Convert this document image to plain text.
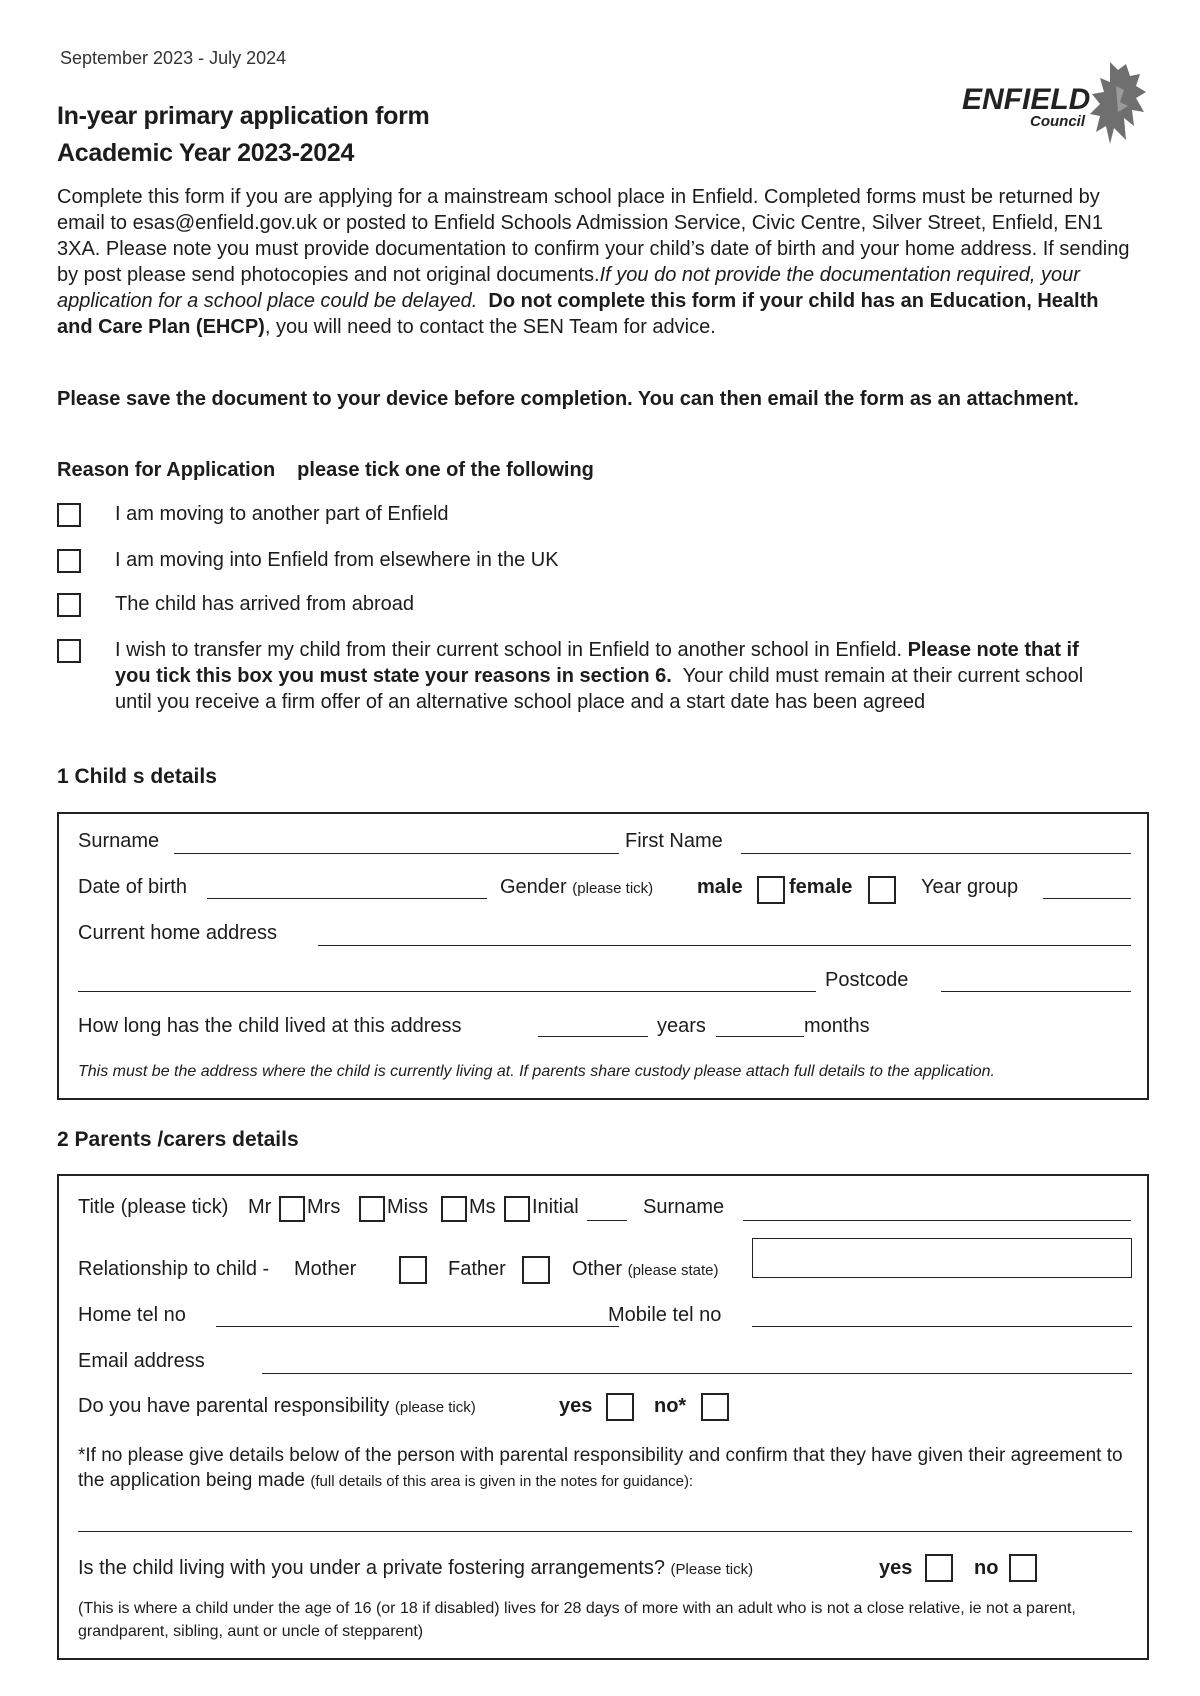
September 2023 - July 2024
In-year primary application form
Academic Year 2023-2024
ENFIELD
Council
Complete this form if you are applying for a mainstream school place in Enfield. Completed forms must be returned by email to esas@enfield.gov.uk or posted to Enfield Schools Admission Service, Civic Centre, Silver Street, Enfield, EN1 3XA. Please note you must provide documentation to confirm your child’s date of birth and your home address. If sending by post please send photocopies and not original documents.If you do not provide the documentation required, your application for a school place could be delayed. Do not complete this form if your child has an Education, Health and Care Plan (EHCP), you will need to contact the SEN Team for advice.
Please save the document to your device before completion. You can then email the form as an attachment.
Reason for Application please tick one of the following
I am moving to another part of Enfield
I am moving into Enfield from elsewhere in the UK
The child has arrived from abroad
I wish to transfer my child from their current school in Enfield to another school in Enfield. Please note that if you tick this box you must state your reasons in section 6. Your child must remain at their current school until you receive a firm offer of an alternative school place and a start date has been agreed
1 Child s details
Surname	First Name
Date of birth	Gender (please tick) male female	Year group
Current home address
Postcode
How long has the child lived at this address	years	months
This must be the address where the child is currently living at. If parents share custody please attach full details to the application.
2 Parents /carers details
Title (please tick) Mr Mrs Miss Ms Initial	Surname
Relationship to child - Mother	Father	Other (please state)
Home tel no	Mobile tel no
Email address
Do you have parental responsibility (please tick)	yes	no*
*If no please give details below of the person with parental responsibility and confirm that they have given their agreement to the application being made (full details of this area is given in the notes for guidance):
Is the child living with you under a private fostering arrangements? (Please tick)	yes	no
(This is where a child under the age of 16 (or 18 if disabled) lives for 28 days of more with an adult who is not a close relative, ie not a parent, grandparent, sibling, aunt or uncle of stepparent)
